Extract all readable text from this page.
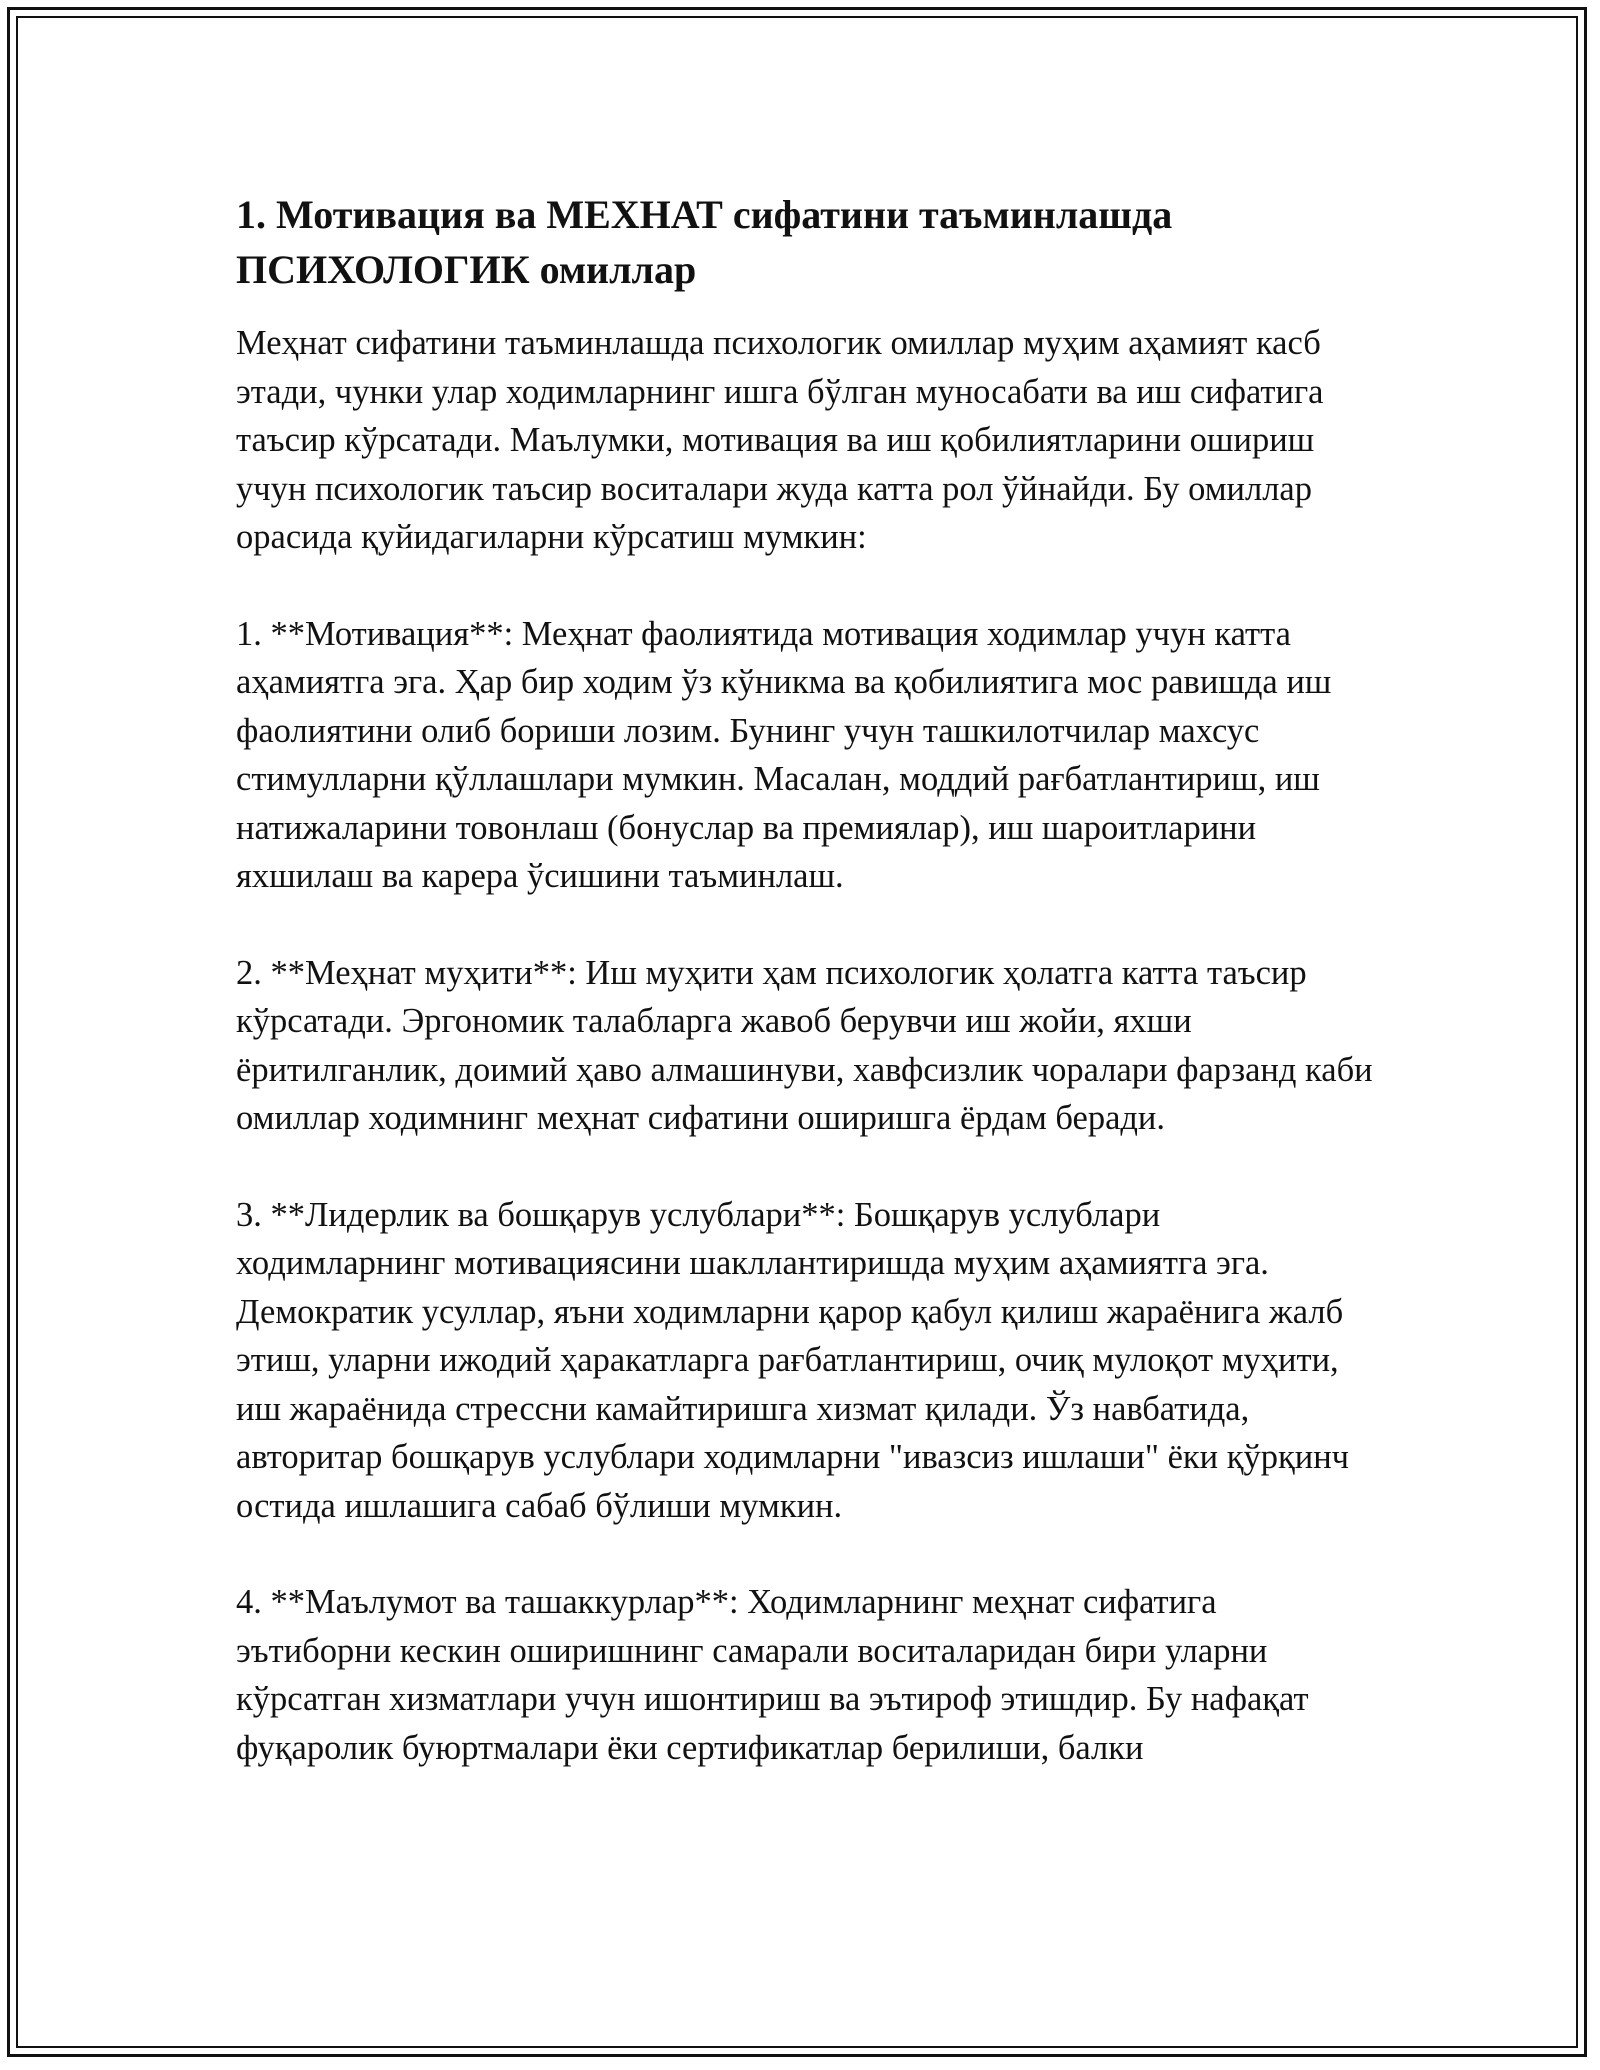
1. Мотивация ва МЕХНАТ сифатини таъминлашда ПСИХОЛОГИК омиллар

Меҳнат сифатини таъминлашда психологик омиллар муҳим аҳамият касб этади, чунки улар ходимларнинг ишга бўлган муносабати ва иш сифатига таъсир кўрсатади. Маълумки, мотивация ва иш қобилиятларини ошириш учун психологик таъсир воситалари жуда катта рол ўйнайди. Бу омиллар орасида қуйидагиларни кўрсатиш мумкин:

1. **Мотивация**: Меҳнат фаолиятида мотивация ходимлар учун катта аҳамиятга эга. Ҳар бир ходим ўз кўникма ва қобилиятига мос равишда иш фаолиятини олиб бориши лозим. Бунинг учун ташкилотчилар махсус стимулларни қўллашлари мумкин. Масалан, моддий рағбатлантириш, иш натижаларини товонлаш (бонуслар ва премиялар), иш шароитларини яхшилаш ва карера ўсишини таъминлаш.

2. **Меҳнат муҳити**: Иш муҳити ҳам психологик ҳолатга катта таъсир кўрсатади. Эргономик талабларга жавоб берувчи иш жойи, яхши ёритилганлик, доимий ҳаво алмашинуви, хавфсизлик чоралари фарзанд каби омиллар ходимнинг меҳнат сифатини оширишга ёрдам беради.

3. **Лидерлик ва бошқарув услублари**: Бошқарув услублари ходимларнинг мотивациясини шакллантиришда муҳим аҳамиятга эга. Демократик усуллар, яъни ходимларни қарор қабул қилиш жараёнига жалб этиш, уларни ижодий ҳаракатларга рағбатлантириш, очиқ мулоқот муҳити, иш жараёнида стрессни камайтиришга хизмат қилади. Ўз навбатида, авторитар бошқарув услублари ходимларни "ивазсиз ишлаши" ёки қўрқинч остида ишлашига сабаб бўлиши мумкин.

4. **Маълумот ва ташаккурлар**: Ходимларнинг меҳнат сифатига эътиборни кескин оширишнинг самарали воситаларидан бири уларни кўрсатган хизматлари учун ишонтириш ва эътироф этишдир. Бу нафақат фуқаролик буюртмалари ёки сертификатлар берилиши, балки
